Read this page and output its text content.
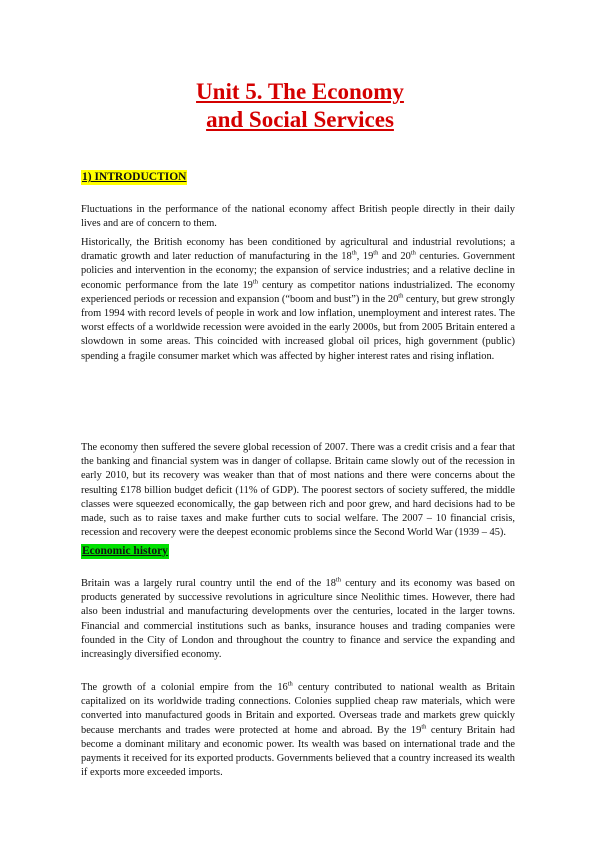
Unit 5. The Economy
and Social Services
1) INTRODUCTION

Fluctuations in the performance of the national economy affect British people directly in their daily lives and are of concern to them.

Historically, the British economy has been conditioned by agricultural and industrial revolutions; a dramatic growth and later reduction of manufacturing in the 18th, 19th and 20th centuries. Government policies and intervention in the economy; the expansion of service industries; and a relative decline in economic performance from the late 19th century as competitor nations industrialized. The economy experienced periods or recession and expansion (“boom and bust”) in the 20th century, but grew strongly from 1994 with record levels of people in work and low inflation, unemployment and interest rates. The worst effects of a worldwide recession were avoided in the early 2000s, but from 2005 Britain entered a slowdown in some areas. This coincided with increased global oil prices, high government (public) spending a fragile consumer market which was affected by higher interest rates and rising inflation.

The economy then suffered the severe global recession of 2007. There was a credit crisis and a fear that the banking and financial system was in danger of collapse. Britain came slowly out of the recession in early 2010, but its recovery was weaker than that of most nations and there were concerns about the resulting £178 billion budget deficit (11% of GDP). The poorest sectors of society suffered, the middle classes were squeezed economically, the gap between rich and poor grew, and hard decisions had to be made, such as to raise taxes and make further cuts to social welfare. The 2007 – 10 financial crisis, recession and recovery were the deepest economic problems since the Second World War (1939 – 45).

Economic history

Britain was a largely rural country until the end of the 18th century and its economy was based on products generated by successive revolutions in agriculture since Neolithic times. However, there had also been industrial and manufacturing developments over the centuries, located in the larger towns. Financial and commercial institutions such as banks, insurance houses and trading companies were founded in the City of London and throughout the country to finance and service the expanding and increasingly diversified economy.

The growth of a colonial empire from the 16th century contributed to national wealth as Britain capitalized on its worldwide trading connections. Colonies supplied cheap raw materials, which were converted into manufactured goods in Britain and exported. Overseas trade and markets grew quickly because merchants and trades were protected at home and abroad. By the 19th century Britain had become a dominant military and economic power. Its wealth was based on international trade and the payments it received for its exported products. Governments believed that a country increased its wealth if exports more exceeded imports.
